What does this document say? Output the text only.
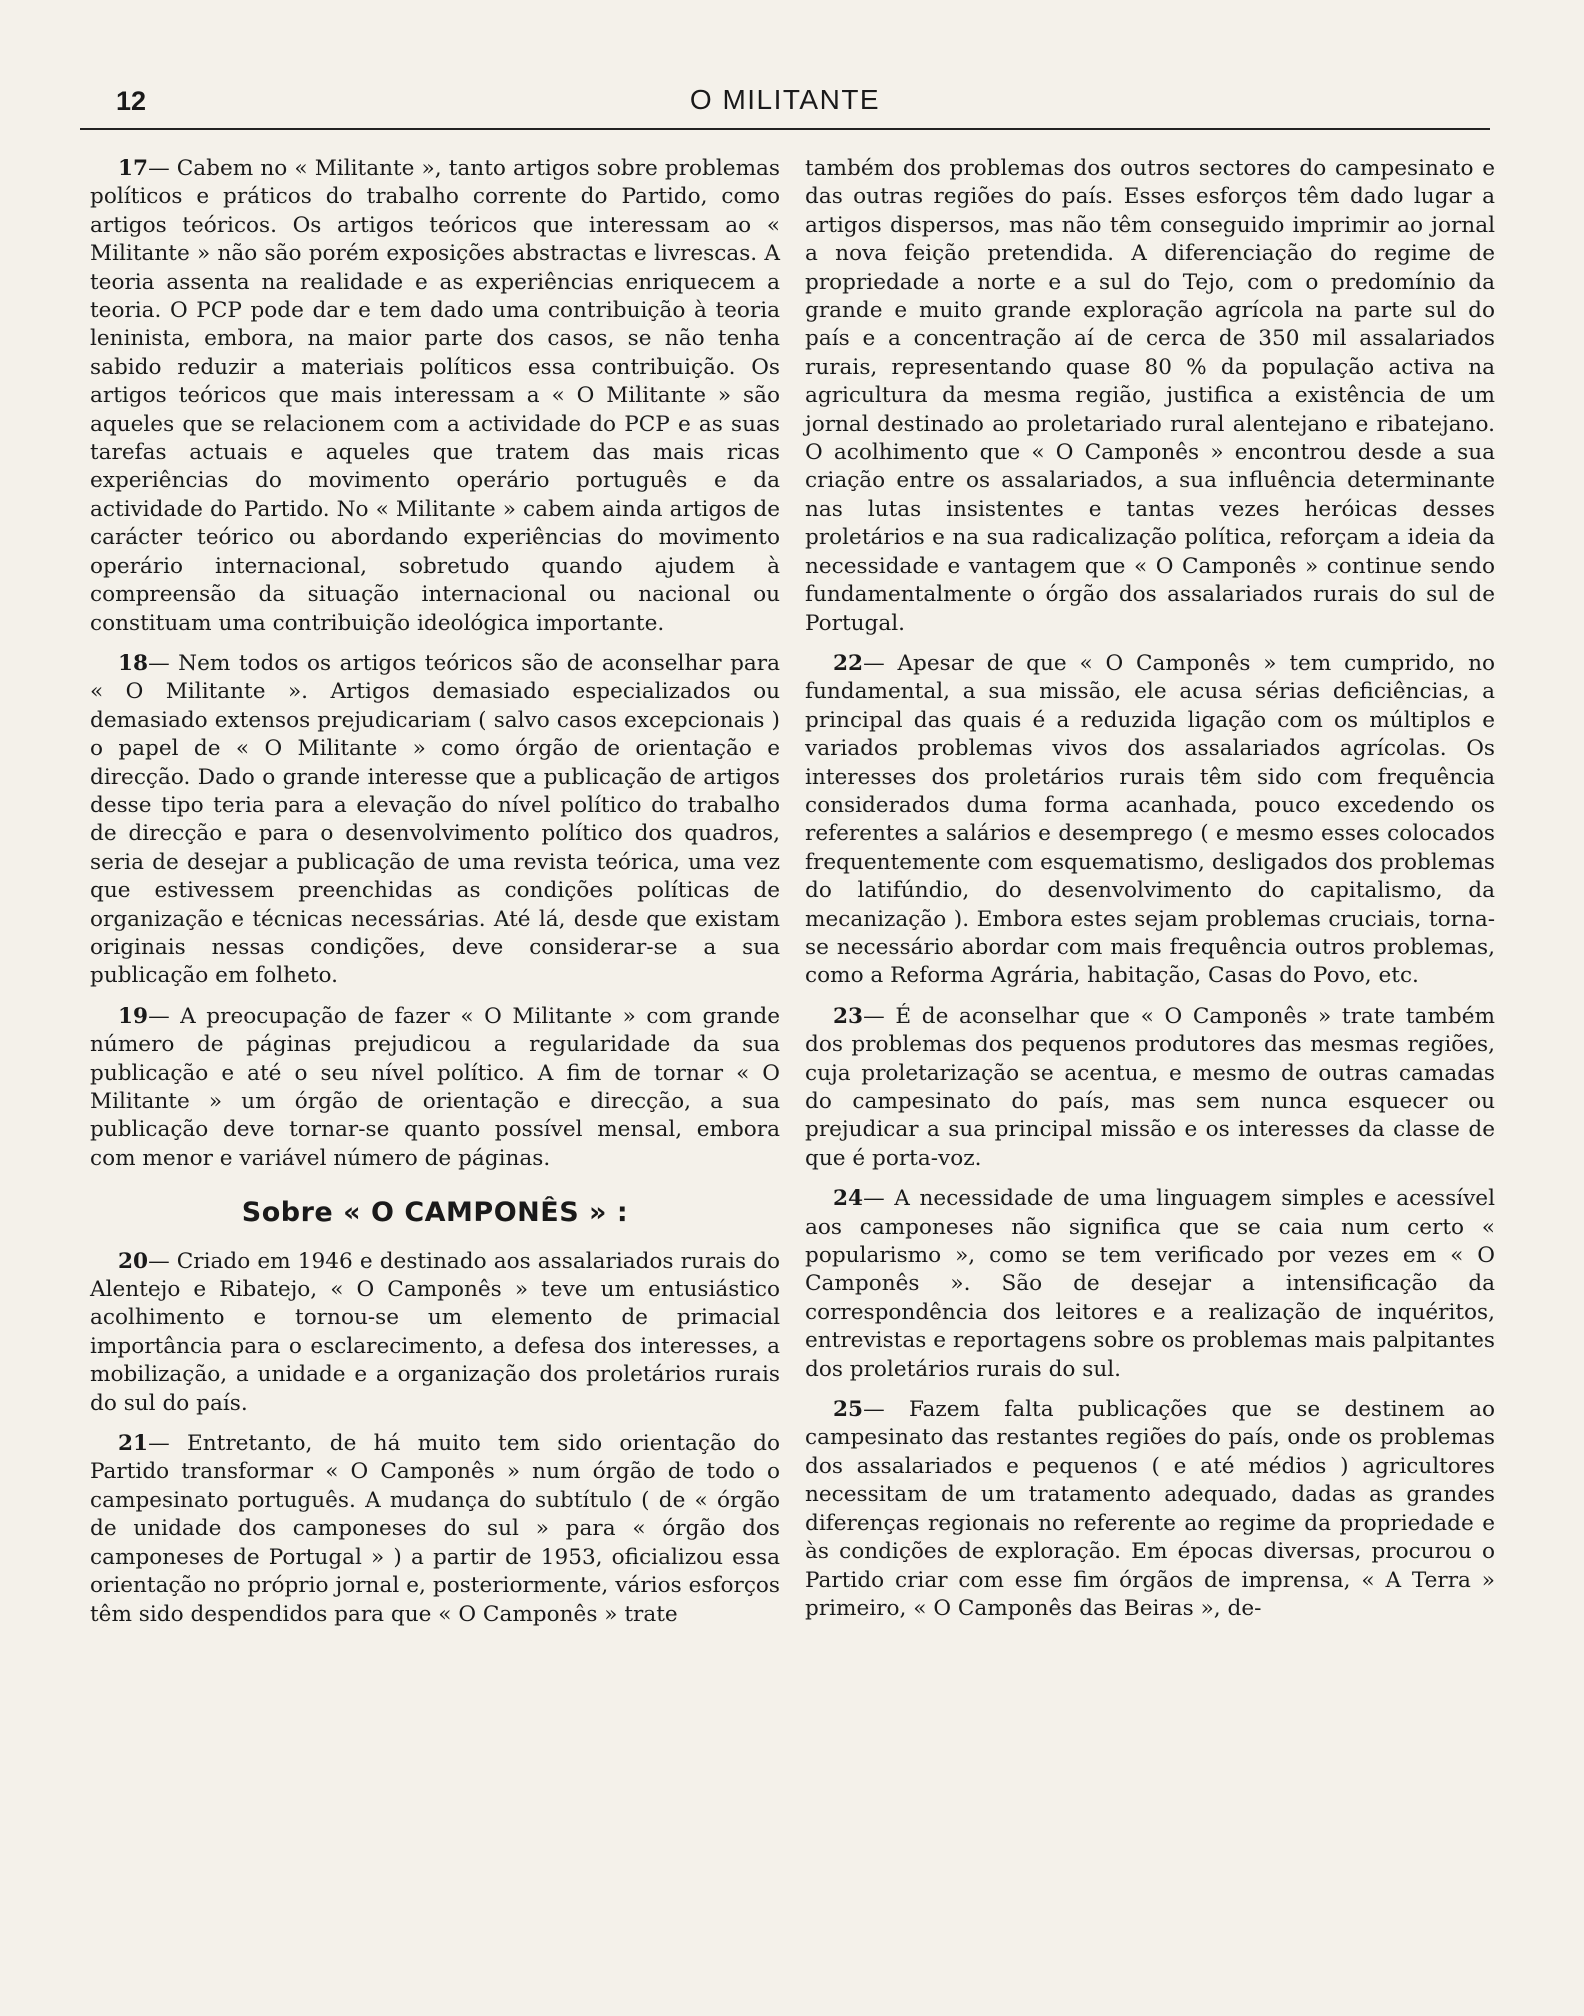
12	O MILITANTE

17— Cabem no « Militante », tanto artigos sobre problemas políticos e práticos do trabalho corrente do Partido, como artigos teóricos. Os artigos teóricos que interessam ao « Militante » não são porém exposições abstractas e livrescas. A teoria assenta na realidade e as experiências enriquecem a teoria. O PCP pode dar e tem dado uma contribuição à teoria leninista, embora, na maior parte dos casos, se não tenha sabido reduzir a materiais políticos essa contribuição. Os artigos teóricos que mais interessam a « O Militante » são aqueles que se relacionem com a actividade do PCP e as suas tarefas actuais e aqueles que tratem das mais ricas experiências do movimento operário português e da actividade do Partido. No « Militante » cabem ainda artigos de carácter teórico ou abordando experiências do movimento operário internacional, sobretudo quando ajudem à compreensão da situação internacional ou nacional ou constituam uma contribuição ideológica importante.

18— Nem todos os artigos teóricos são de aconselhar para « O Militante ». Artigos demasiado especializados ou demasiado extensos prejudicariam ( salvo casos excepcionais ) o papel de « O Militante » como órgão de orientação e direcção. Dado o grande interesse que a publicação de artigos desse tipo teria para a elevação do nível político do trabalho de direcção e para o desenvolvimento político dos quadros, seria de desejar a publicação de uma revista teórica, uma vez que estivessem preenchidas as condições políticas de organização e técnicas necessárias. Até lá, desde que existam originais nessas condições, deve considerar-se a sua publicação em folheto.

19— A preocupação de fazer « O Militante » com grande número de páginas prejudicou a regularidade da sua publicação e até o seu nível político. A fim de tornar « O Militante » um órgão de orientação e direcção, a sua publicação deve tornar-se quanto possível mensal, embora com menor e variável número de páginas.

Sobre « O CAMPONÊS » :

20— Criado em 1946 e destinado aos assalariados rurais do Alentejo e Ribatejo, « O Camponês » teve um entusiástico acolhimento e tornou-se um elemento de primacial importância para o esclarecimento, a defesa dos interesses, a mobilização, a unidade e a organização dos proletários rurais do sul do país.

21— Entretanto, de há muito tem sido orientação do Partido transformar « O Camponês » num órgão de todo o campesinato português. A mudança do subtítulo ( de « órgão de unidade dos camponeses do sul » para « órgão dos camponeses de Portugal » ) a partir de 1953, oficializou essa orientação no próprio jornal e, posteriormente, vários esforços têm sido despendidos para que « O Camponês » trate

também dos problemas dos outros sectores do campesinato e das outras regiões do país. Esses esforços têm dado lugar a artigos dispersos, mas não têm conseguido imprimir ao jornal a nova feição pretendida. A diferenciação do regime de propriedade a norte e a sul do Tejo, com o predomínio da grande e muito grande exploração agrícola na parte sul do país e a concentração aí de cerca de 350 mil assalariados rurais, representando quase 80 % da população activa na agricultura da mesma região, justifica a existência de um jornal destinado ao proletariado rural alentejano e ribatejano. O acolhimento que « O Camponês » encontrou desde a sua criação entre os assalariados, a sua influência determinante nas lutas insistentes e tantas vezes heróicas desses proletários e na sua radicalização política, reforçam a ideia da necessidade e vantagem que « O Camponês » continue sendo fundamentalmente o órgão dos assalariados rurais do sul de Portugal.

22— Apesar de que « O Camponês » tem cumprido, no fundamental, a sua missão, ele acusa sérias deficiências, a principal das quais é a reduzida ligação com os múltiplos e variados problemas vivos dos assalariados agrícolas. Os interesses dos proletários rurais têm sido com frequência considerados duma forma acanhada, pouco excedendo os referentes a salários e desemprego ( e mesmo esses colocados frequentemente com esquematismo, desligados dos problemas do latifúndio, do desenvolvimento do capitalismo, da mecanização ). Embora estes sejam problemas cruciais, torna-se necessário abordar com mais frequência outros problemas, como a Reforma Agrária, habitação, Casas do Povo, etc.

23— É de aconselhar que « O Camponês » trate também dos problemas dos pequenos produtores das mesmas regiões, cuja proletarização se acentua, e mesmo de outras camadas do campesinato do país, mas sem nunca esquecer ou prejudicar a sua principal missão e os interesses da classe de que é porta-voz.

24— A necessidade de uma linguagem simples e acessível aos camponeses não significa que se caia num certo « popularismo », como se tem verificado por vezes em « O Camponês ». São de desejar a intensificação da correspondência dos leitores e a realização de inquéritos, entrevistas e reportagens sobre os problemas mais palpitantes dos proletários rurais do sul.

25— Fazem falta publicações que se destinem ao campesinato das restantes regiões do país, onde os problemas dos assalariados e pequenos ( e até médios ) agricultores necessitam de um tratamento adequado, dadas as grandes diferenças regionais no referente ao regime da propriedade e às condições de exploração. Em épocas diversas, procurou o Partido criar com esse fim órgãos de imprensa, « A Terra » primeiro, « O Camponês das Beiras », de-
